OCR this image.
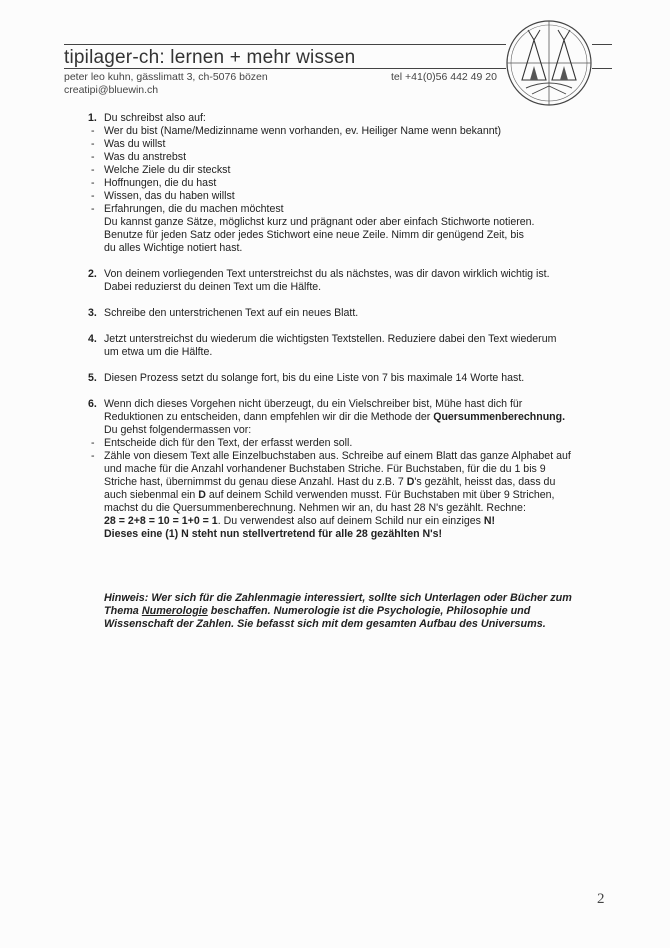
tipilager-ch: lernen + mehr wissen
peter leo kuhn, gässlimatt 3, ch-5076 bözen	tel +41(0)56 442 49 20
creatipi@bluewin.ch
1. Du schreibst also auf:
- Wer du bist (Name/Medizinname wenn vorhanden, ev. Heiliger Name wenn bekannt)
- Was du willst
- Was du anstrebst
- Welche Ziele du dir steckst
- Hoffnungen, die du hast
- Wissen, das du haben willst
- Erfahrungen, die du machen möchtest
Du kannst ganze Sätze, möglichst kurz und prägnant oder aber einfach Stichworte notieren.
Benutze für jeden Satz oder jedes Stichwort eine neue Zeile. Nimm dir genügend Zeit, bis
du alles Wichtige notiert hast.
2. Von deinem vorliegenden Text unterstreichst du als nächstes, was dir davon wirklich wichtig ist.
Dabei reduzierst du deinen Text um die Hälfte.
3. Schreibe den unterstrichenen Text auf ein neues Blatt.
4. Jetzt unterstreichst du wiederum die wichtigsten Textstellen. Reduziere dabei den Text wiederum
um etwa um die Hälfte.
5. Diesen Prozess setzt du solange fort, bis du eine Liste von 7 bis maximale 14 Worte hast.
6. Wenn dich dieses Vorgehen nicht überzeugt, du ein Vielschreiber bist, Mühe hast dich für
Reduktionen zu entscheiden, dann empfehlen wir dir die Methode der Quersummenberechnung.
Du gehst folgendermassen vor:
- Entscheide dich für den Text, der erfasst werden soll.
- Zähle von diesem Text alle Einzelbuchstaben aus. Schreibe auf einem Blatt das ganze Alphabet auf
und mache für die Anzahl vorhandener Buchstaben Striche. Für Buchstaben, für die du 1 bis 9
Striche hast, übernimmst du genau diese Anzahl. Hast du z.B. 7 D's gezählt, heisst das, dass du
auch siebenmal ein D auf deinem Schild verwenden musst. Für Buchstaben mit über 9 Strichen,
machst du die Quersummenberechnung. Nehmen wir an, du hast 28 N's gezählt. Rechne:
28 = 2+8 = 10 = 1+0 = 1. Du verwendest also auf deinem Schild nur ein einziges N!
Dieses eine (1) N steht nun stellvertretend für alle 28 gezählten N's!
Hinweis: Wer sich für die Zahlenmagie interessiert, sollte sich Unterlagen oder Bücher zum
Thema Numerologie beschaffen. Numerologie ist die Psychologie, Philosophie und
Wissenschaft der Zahlen. Sie befasst sich mit dem gesamten Aufbau des Universums.
2
